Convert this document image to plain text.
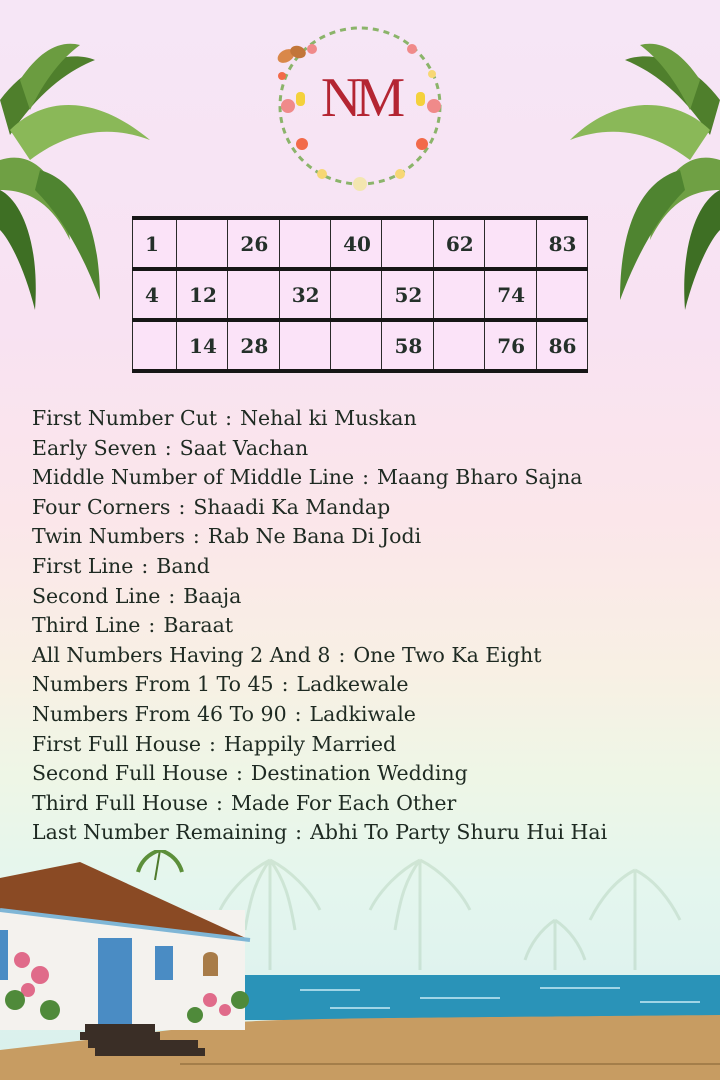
NM
1		26		40		62		83
4	12		32		52		74	
	14	28			58		76	86
First Number Cut : Nehal ki Muskan
Early Seven : Saat Vachan
Middle Number of Middle Line : Maang Bharo Sajna
Four Corners : Shaadi Ka Mandap
Twin Numbers : Rab Ne Bana Di Jodi
First Line : Band
Second Line : Baaja
Third Line : Baraat
All Numbers Having 2 And 8 : One Two Ka Eight
Numbers From 1 To 45 : Ladkewale
Numbers From 46 To 90 : Ladkiwale
First Full House : Happily Married
Second Full House : Destination Wedding
Third Full House : Made For Each Other
Last Number Remaining : Abhi To Party Shuru Hui Hai
